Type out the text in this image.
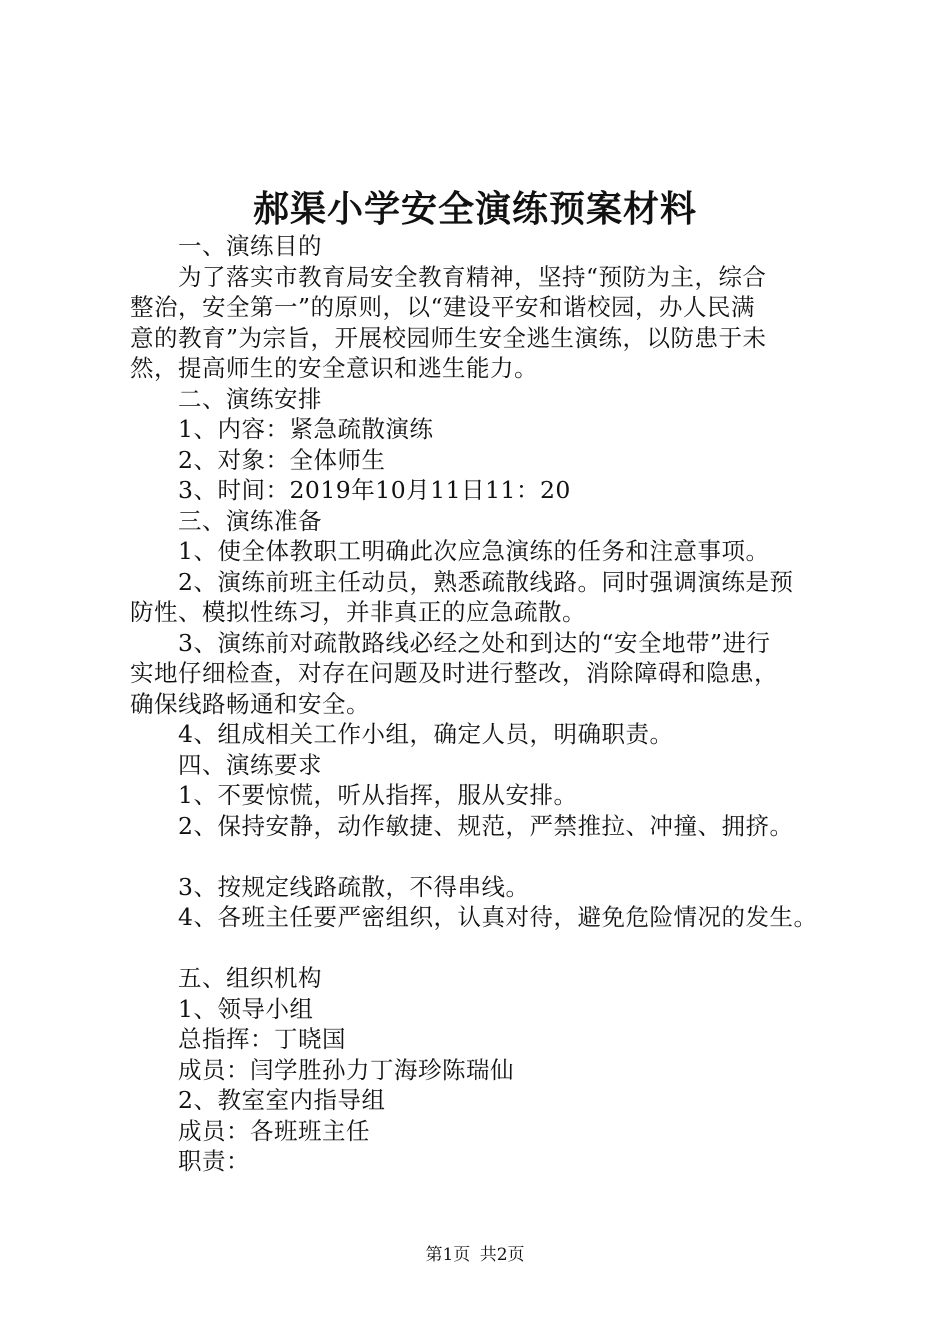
郝渠小学安全演练预案材料
一、演练目的
为了落实市教育局安全教育精神，坚持“预防为主，综合
整治，安全第一”的原则，以“建设平安和谐校园，办人民满
意的教育”为宗旨，开展校园师生安全逃生演练，以防患于未
然，提高师生的安全意识和逃生能力。
二、演练安排
1、内容：紧急疏散演练
2、对象：全体师生
3、时间：2019年10月11日11：20
三、演练准备
1、使全体教职工明确此次应急演练的任务和注意事项。
2、演练前班主任动员，熟悉疏散线路。同时强调演练是预
防性、模拟性练习，并非真正的应急疏散。
3、演练前对疏散路线必经之处和到达的“安全地带”进行
实地仔细检查，对存在问题及时进行整改，消除障碍和隐患，
确保线路畅通和安全。
4、组成相关工作小组，确定人员，明确职责。
四、演练要求
1、不要惊慌，听从指挥，服从安排。
2、保持安静，动作敏捷、规范，严禁推拉、冲撞、拥挤。
3、按规定线路疏散，不得串线。
4、各班主任要严密组织，认真对待，避免危险情况的发生。
五、组织机构
1、领导小组
总指挥：丁晓国
成员：闫学胜孙力丁海珍陈瑞仙
2、教室室内指导组
成员：各班班主任
职责：
第1页 共2页
